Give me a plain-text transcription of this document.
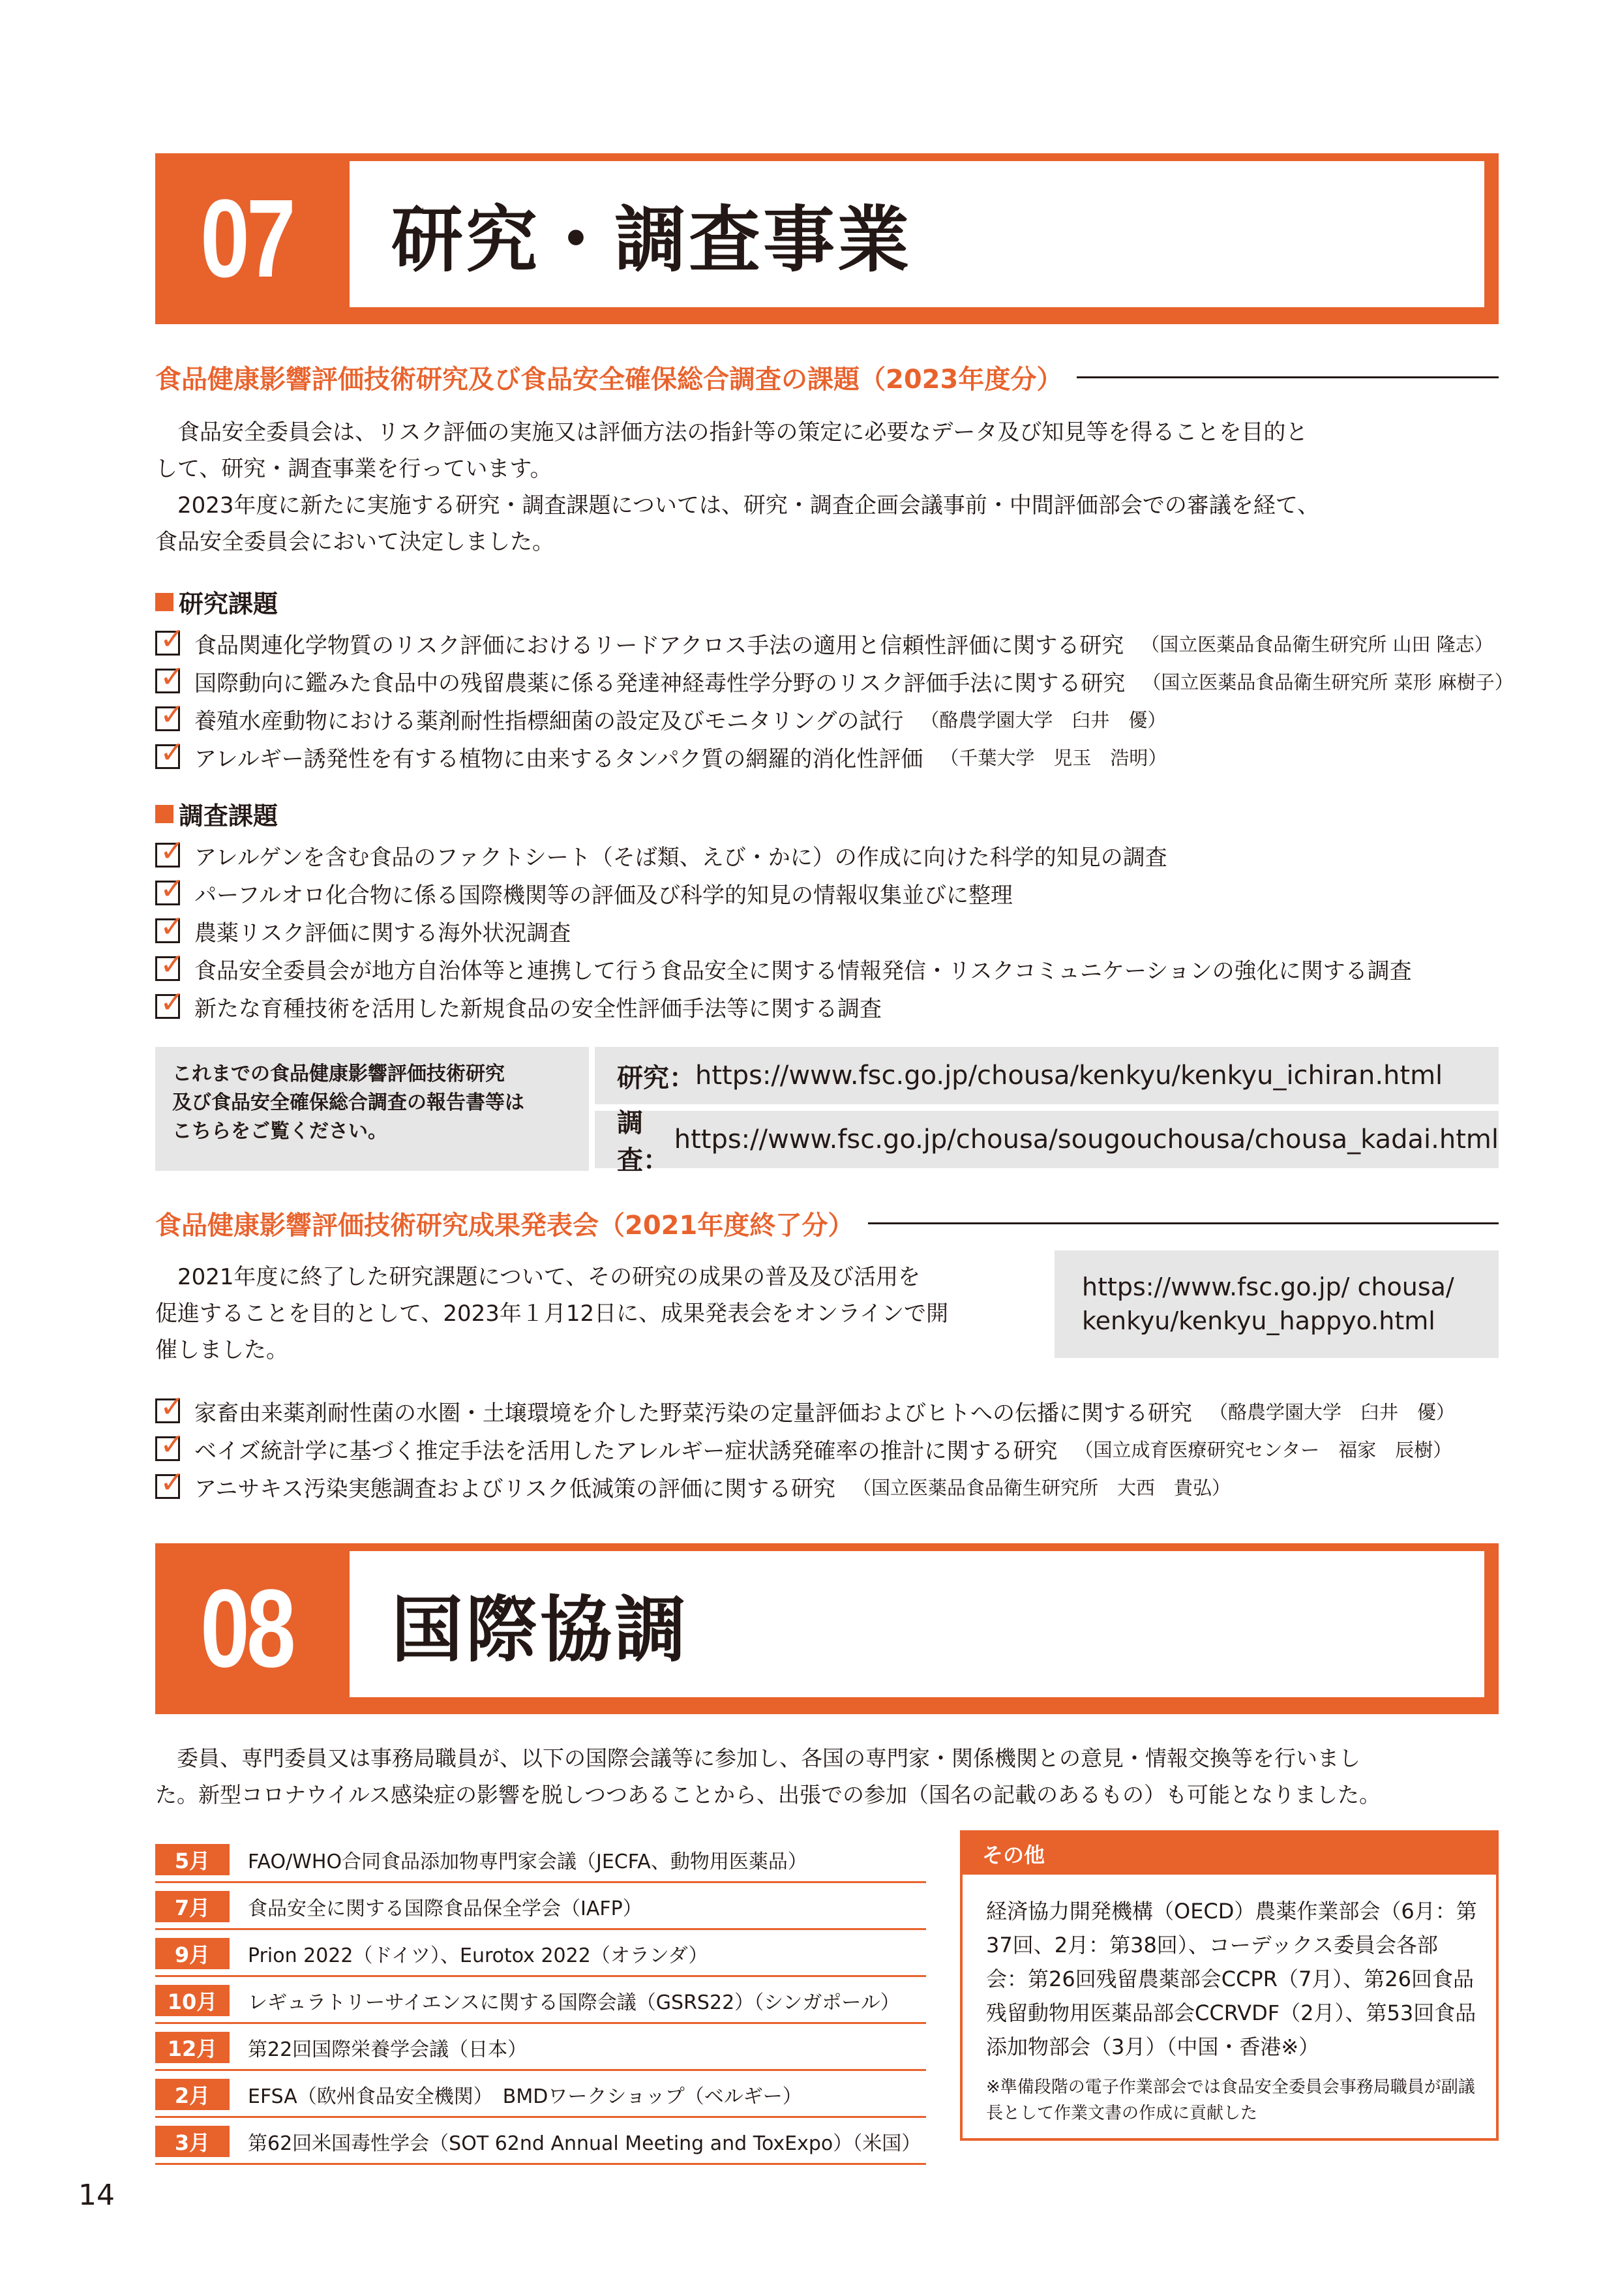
07	研究・調査事業
食品健康影響評価技術研究及び食品安全確保総合調査の課題（2023年度分）
　食品安全委員会は、リスク評価の実施又は評価方法の指針等の策定に必要なデータ及び知見等を得ることを目的と
して、研究・調査事業を行っています。
　2023年度に新たに実施する研究・調査課題については、研究・調査企画会議事前・中間評価部会での審議を経て、
食品安全委員会において決定しました。
研究課題
✓ 食品関連化学物質のリスク評価におけるリードアクロス手法の適用と信頼性評価に関する研究 （国立医薬品食品衛生研究所 山田 隆志）
✓ 国際動向に鑑みた食品中の残留農薬に係る発達神経毒性学分野のリスク評価手法に関する研究 （国立医薬品食品衛生研究所 菜形 麻樹子）
✓ 養殖水産動物における薬剤耐性指標細菌の設定及びモニタリングの試行 （酪農学園大学　臼井　優）
✓ アレルギー誘発性を有する植物に由来するタンパク質の網羅的消化性評価 （千葉大学　児玉　浩明）
調査課題
✓ アレルゲンを含む食品のファクトシート（そば類、えび・かに）の作成に向けた科学的知見の調査
✓ パーフルオロ化合物に係る国際機関等の評価及び科学的知見の情報収集並びに整理
✓ 農薬リスク評価に関する海外状況調査
✓ 食品安全委員会が地方自治体等と連携して行う食品安全に関する情報発信・リスクコミュニケーションの強化に関する調査
✓ 新たな育種技術を活用した新規食品の安全性評価手法等に関する調査
これまでの食品健康影響評価技術研究
及び食品安全確保総合調査の報告書等は
こちらをご覧ください。
研究： https://www.fsc.go.jp/chousa/kenkyu/kenkyu_ichiran.html
調査：
https://www.fsc.go.jp/chousa/sougouchousa/chousa_kadai.html
食品健康影響評価技術研究成果発表会（2021年度終了分）
　2021年度に終了した研究課題について、その研究の成果の普及及び活用を
促進することを目的として、2023年１月12日に、成果発表会をオンラインで開
催しました。
https://www.fsc.go.jp/ chousa/
kenkyu/kenkyu_happyo.html
✓ 家畜由来薬剤耐性菌の水圏・土壌環境を介した野菜汚染の定量評価およびヒトへの伝播に関する研究 （酪農学園大学　臼井　優）
✓ ベイズ統計学に基づく推定手法を活用したアレルギー症状誘発確率の推計に関する研究 （国立成育医療研究センター　福家　辰樹）
✓ アニサキス汚染実態調査およびリスク低減策の評価に関する研究 （国立医薬品食品衛生研究所　大西　貴弘）
08	国際協調
　委員、専門委員又は事務局職員が、以下の国際会議等に参加し、各国の専門家・関係機関との意見・情報交換等を行いまし
た。新型コロナウイルス感染症の影響を脱しつつあることから、出張での参加（国名の記載のあるもの）も可能となりました。
5月	FAO/WHO合同食品添加物専門家会議（JECFA、動物用医薬品）
7月	食品安全に関する国際食品保全学会（IAFP）
9月	Prion 2022（ドイツ）、Eurotox 2022（オランダ）
10月	レギュラトリーサイエンスに関する国際会議（GSRS22）（シンガポール）
12月	第22回国際栄養学会議（日本）
2月	EFSA（欧州食品安全機関）　BMDワークショップ（ベルギー）
3月	第62回米国毒性学会（SOT 62nd Annual Meeting and ToxExpo）（米国）
その他
経済協力開発機構（OECD）農薬作業部会（6月：第37回、2月：第38回）、コーデックス委員会各部会：第26回残留農薬部会CCPR（7月）、第26回食品残留動物用医薬品部会CCRVDF（2月）、第53回食品添加物部会（3月）（中国・香港※）
※準備段階の電子作業部会では食品安全委員会事務局職員が副議長として作業文書の作成に貢献した
14
